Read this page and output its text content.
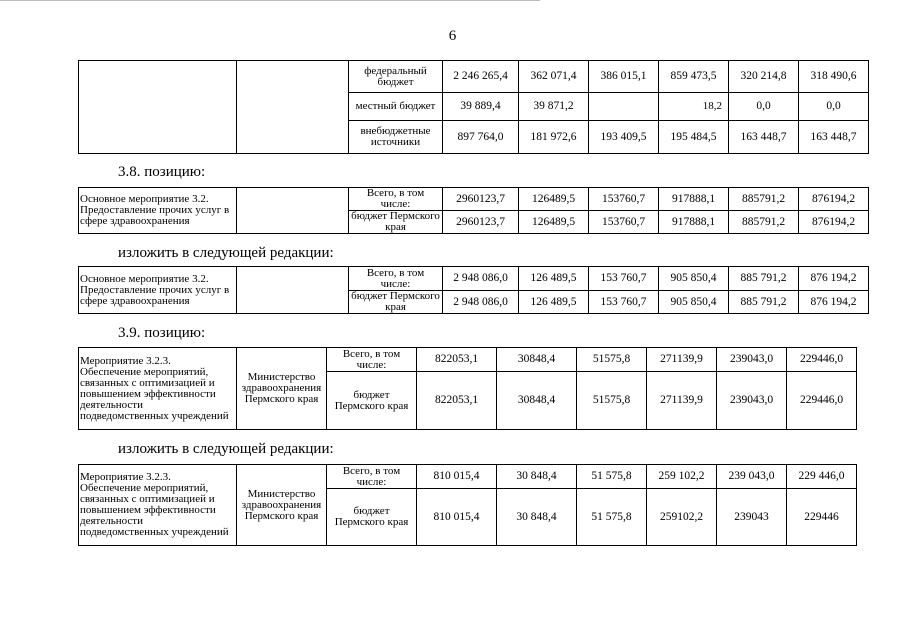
6
		федеральный бюджет	2 246 265,4	362 071,4	386 015,1	859 473,5	320 214,8	318 490,6
		местный бюджет	39 889,4	39 871,2		18,2	0,0	0,0
		внебюджетные источники	897 764,0	181 972,6	193 409,5	195 484,5	163 448,7	163 448,7
3.8. позицию:
Основное мероприятие 3.2. Предоставление прочих услуг в сфере здравоохранения		Всего, в том числе:	2960123,7	126489,5	153760,7	917888,1	885791,2	876194,2
		бюджет Пермского края	2960123,7	126489,5	153760,7	917888,1	885791,2	876194,2
изложить в следующей редакции:
Основное мероприятие 3.2. Предоставление прочих услуг в сфере здравоохранения		Всего, в том числе:	2 948 086,0	126 489,5	153 760,7	905 850,4	885 791,2	876 194,2
		бюджет Пермского края	2 948 086,0	126 489,5	153 760,7	905 850,4	885 791,2	876 194,2
3.9. позицию:
Мероприятие 3.2.3. Обеспечение мероприятий, связанных с оптимизацией и повышением эффективности деятельности подведомственных учреждений	Министерство здравоохранения Пермского края	Всего, в том числе:	822053,1	30848,4	51575,8	271139,9	239043,0	229446,0
		бюджет Пермского края	822053,1	30848,4	51575,8	271139,9	239043,0	229446,0
изложить в следующей редакции:
Мероприятие 3.2.3. Обеспечение мероприятий, связанных с оптимизацией и повышением эффективности деятельности подведомственных учреждений	Министерство здравоохранения Пермского края	Всего, в том числе:	810 015,4	30 848,4	51 575,8	259 102,2	239 043,0	229 446,0
		бюджет Пермского края	810 015,4	30 848,4	51 575,8	259102,2	239043	229446
